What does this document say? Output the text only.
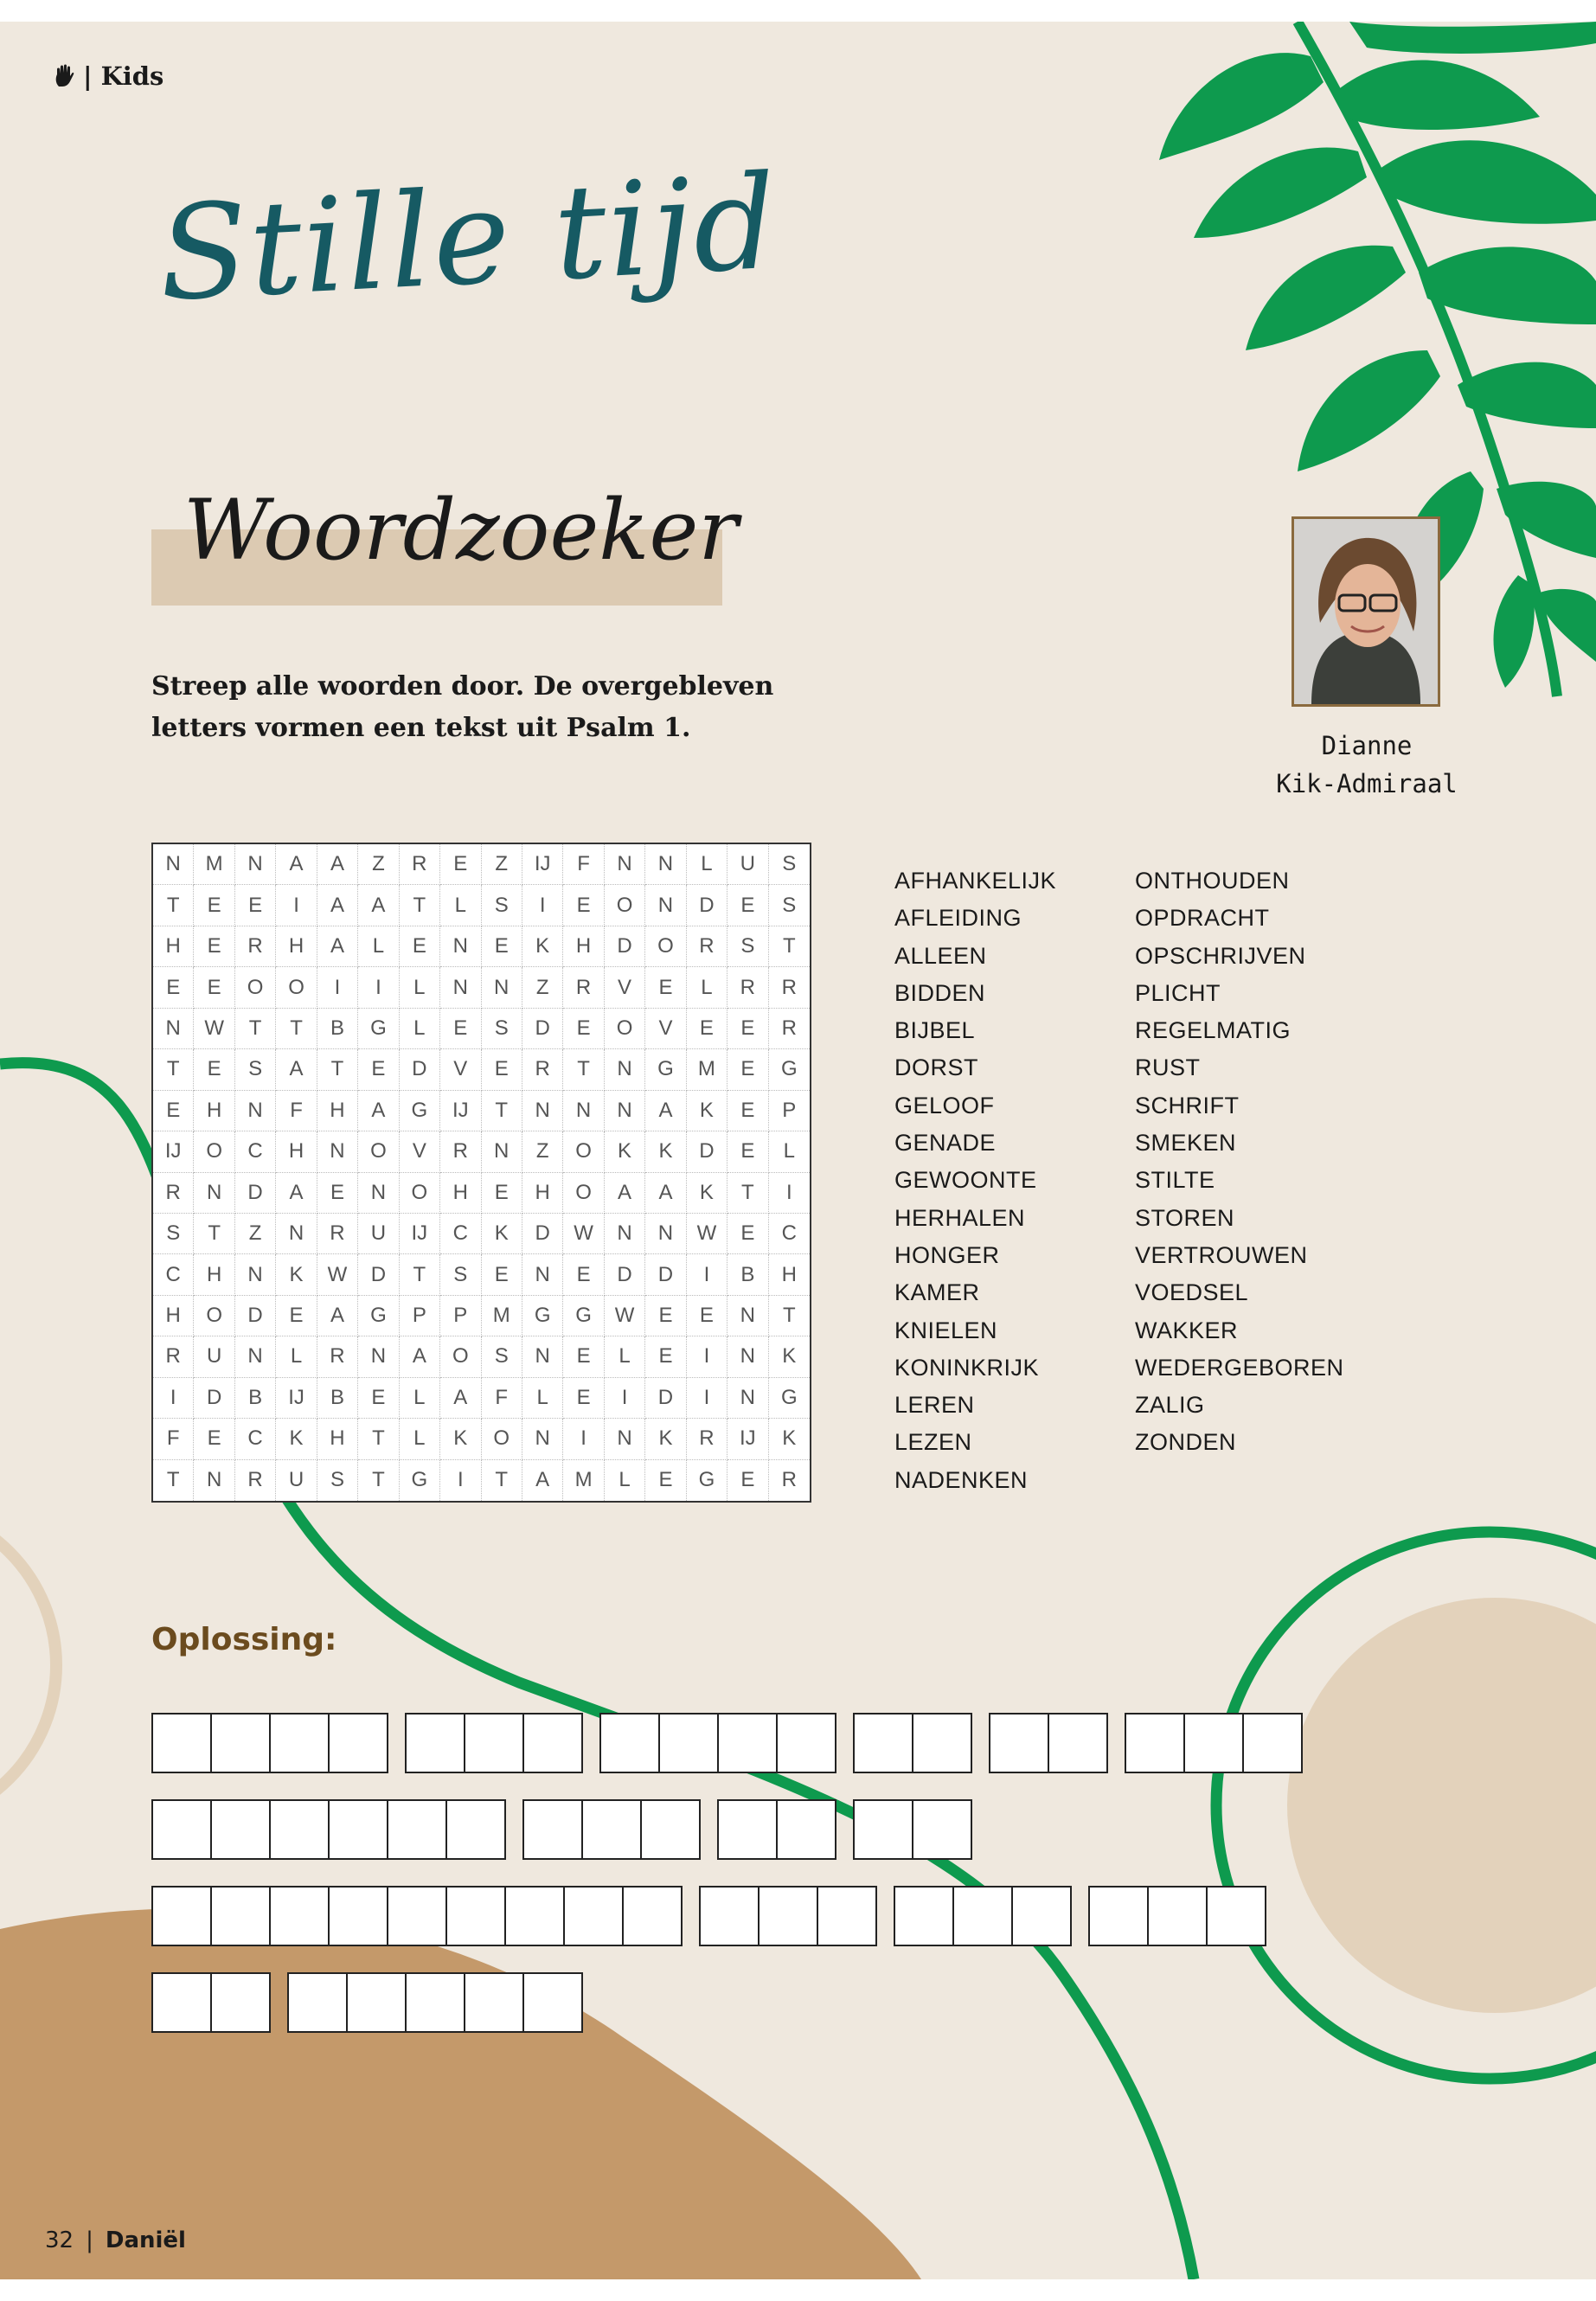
| Kids
Stille tijd
Woordzoeker
Streep alle woorden door. De overgebleven letters vormen een tekst uit Psalm 1.
Dianne
Kik-Admiraal
N	M	N	A	A	Z	R	E	Z	IJ	F	N	N	L	U	S
T	E	E	I	A	A	T	L	S	I	E	O	N	D	E	S
H	E	R	H	A	L	E	N	E	K	H	D	O	R	S	T
E	E	O	O	I	I	L	N	N	Z	R	V	E	L	R	R
N	W	T	T	B	G	L	E	S	D	E	O	V	E	E	R
T	E	S	A	T	E	D	V	E	R	T	N	G	M	E	G
E	H	N	F	H	A	G	IJ	T	N	N	N	A	K	E	P
IJ	O	C	H	N	O	V	R	N	Z	O	K	K	D	E	L
R	N	D	A	E	N	O	H	E	H	O	A	A	K	T	I
S	T	Z	N	R	U	IJ	C	K	D	W	N	N	W	E	C
C	H	N	K	W	D	T	S	E	N	E	D	D	I	B	H
H	O	D	E	A	G	P	P	M	G	G	W	E	E	N	T
R	U	N	L	R	N	A	O	S	N	E	L	E	I	N	K
I	D	B	IJ	B	E	L	A	F	L	E	I	D	I	N	G
F	E	C	K	H	T	L	K	O	N	I	N	K	R	IJ	K
T	N	R	U	S	T	G	I	T	A	M	L	E	G	E	R
AFHANKELIJK
AFLEIDING
ALLEEN
BIDDEN
BIJBEL
DORST
GELOOF
GENADE
GEWOONTE
HERHALEN
HONGER
KAMER
KNIELEN
KONINKRIJK
LEREN
LEZEN
NADENKEN
ONTHOUDEN
OPDRACHT
OPSCHRIJVEN
PLICHT
REGELMATIG
RUST
SCHRIFT
SMEKEN
STILTE
STOREN
VERTROUWEN
VOEDSEL
WAKKER
WEDERGEBOREN
ZALIG
ZONDEN
Oplossing:
32 | Daniël
